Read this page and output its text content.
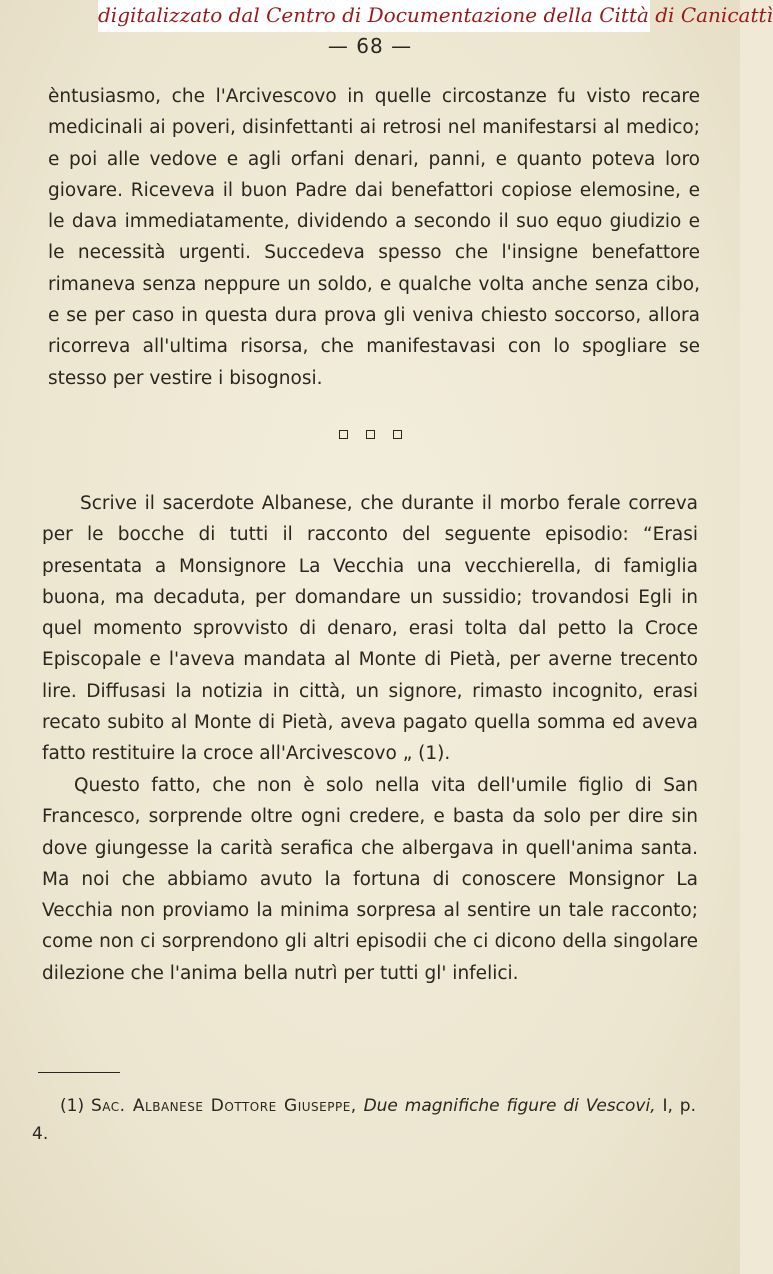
digitalizzato dal Centro di Documentazione della Città di Canicattì
— 68 —

èntusiasmo, che l'Arcivescovo in quelle circostanze fu visto recare medicinali ai poveri, disinfettanti ai retrosi nel manifestarsi al medico; e poi alle vedove e agli orfani denari, panni, e quanto poteva loro giovare. Riceveva il buon Padre dai benefattori copiose elemosine, e le dava immediatamente, dividendo a secondo il suo equo giudizio e le necessità urgenti. Succedeva spesso che l'insigne benefattore rimaneva senza neppure un soldo, e qualche volta anche senza cibo, e se per caso in questa dura prova gli veniva chiesto soccorso, allora ricorreva all'ultima risorsa, che manifestavasi con lo spogliare se stesso per vestire i bisognosi.

Scrive il sacerdote Albanese, che durante il morbo ferale correva per le bocche di tutti il racconto del seguente episodio: “Erasi presentata a Monsignore La Vecchia una vecchierella, di famiglia buona, ma decaduta, per domandare un sussidio; trovandosi Egli in quel momento sprovvisto di denaro, erasi tolta dal petto la Croce Episcopale e l'aveva mandata al Monte di Pietà, per averne trecento lire. Diffusasi la notizia in città, un signore, rimasto incognito, erasi recato subito al Monte di Pietà, aveva pagato quella somma ed aveva fatto restituire la croce all'Arcivescovo „ (1).

Questo fatto, che non è solo nella vita dell'umile figlio di San Francesco, sorprende oltre ogni credere, e basta da solo per dire sin dove giungesse la carità serafica che albergava in quell'anima santa. Ma noi che abbiamo avuto la fortuna di conoscere Monsignor La Vecchia non proviamo la minima sorpresa al sentire un tale racconto; come non ci sorprendono gli altri episodii che ci dicono della singolare dilezione che l'anima bella nutrì per tutti gl' infelici.

(1) Sac. Albanese Dottore Giuseppe, Due magnifiche figure di Vescovi, I, p. 4.
